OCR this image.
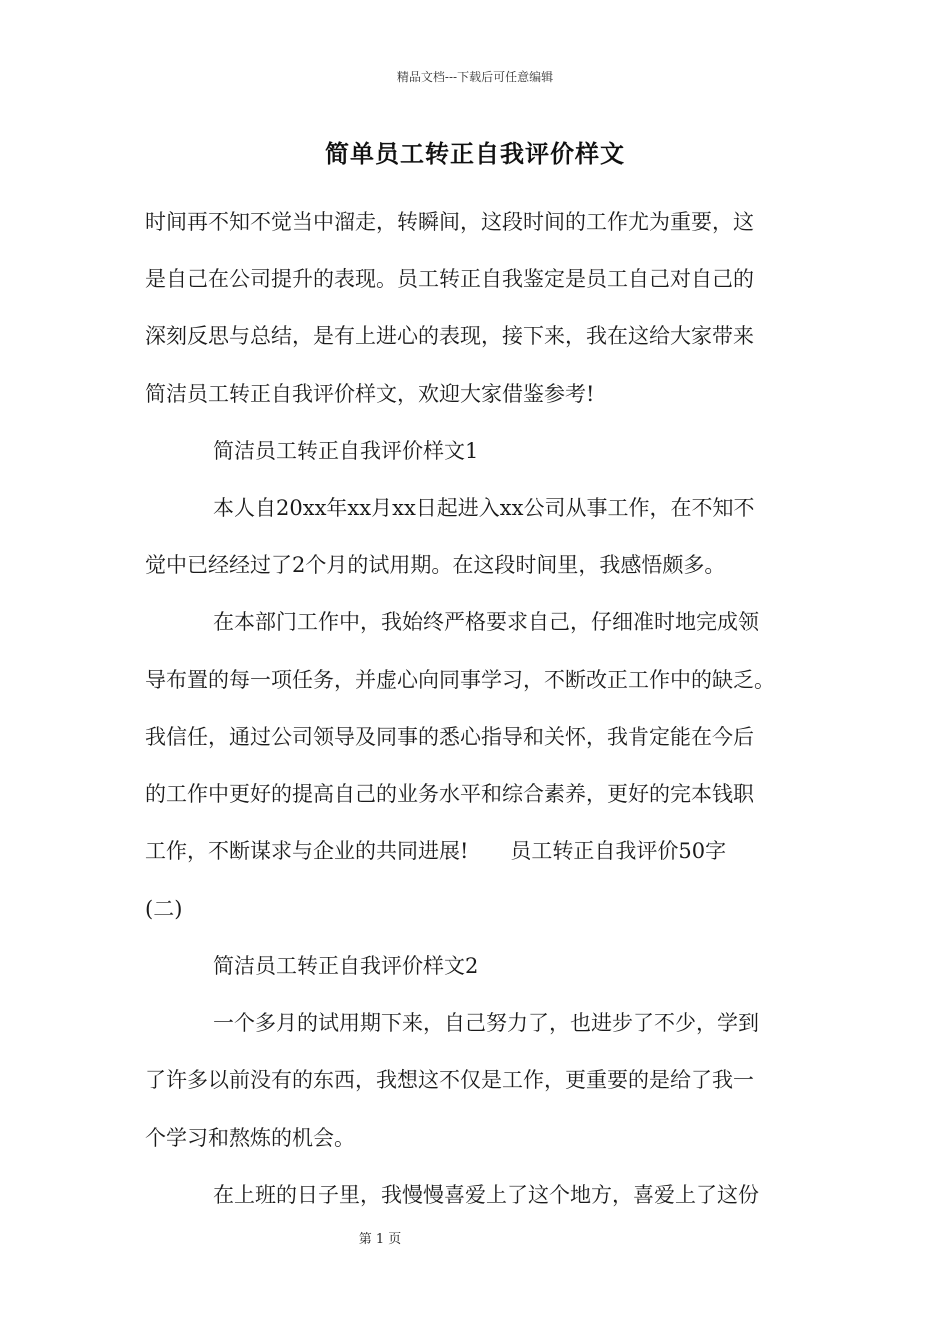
精品文档---下载后可任意编辑
简单员工转正自我评价样文
时间再不知不觉当中溜走，转瞬间，这段时间的工作尤为重要，这
是自己在公司提升的表现。员工转正自我鉴定是员工自己对自己的
深刻反思与总结，是有上进心的表现，接下来，我在这给大家带来
简洁员工转正自我评价样文，欢迎大家借鉴参考!
简洁员工转正自我评价样文1
本人自20xx年xx月xx日起进入xx公司从事工作，在不知不
觉中已经经过了2个月的试用期。在这段时间里，我感悟颇多。
在本部门工作中，我始终严格要求自己，仔细准时地完成领
导布置的每一项任务，并虚心向同事学习，不断改正工作中的缺乏。
我信任，通过公司领导及同事的悉心指导和关怀，我肯定能在今后
的工作中更好的提高自己的业务水平和综合素养，更好的完本钱职
工作，不断谋求与企业的共同进展!　　员工转正自我评价50字
(二)
简洁员工转正自我评价样文2
一个多月的试用期下来，自己努力了，也进步了不少，学到
了许多以前没有的东西，我想这不仅是工作，更重要的是给了我一
个学习和熬炼的机会。
在上班的日子里，我慢慢喜爱上了这个地方，喜爱上了这份
第 1 页
